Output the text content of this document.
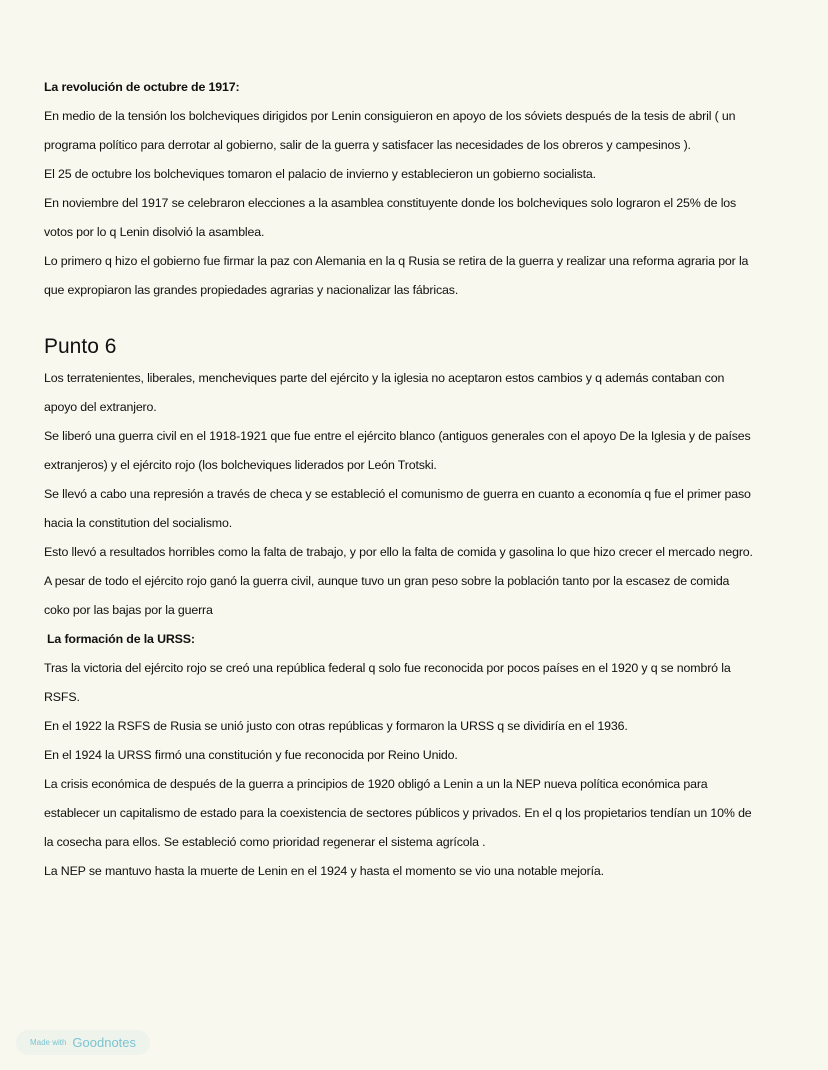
La revolución de octubre de 1917:
En medio de la tensión los bolcheviques dirigidos por Lenin consiguieron en apoyo de los sóviets después de la tesis de abril ( un
programa político para derrotar al gobierno, salir de la guerra y satisfacer las necesidades de los obreros y campesinos ).
El 25 de octubre los bolcheviques tomaron el palacio de invierno y establecieron un gobierno socialista.
En noviembre del 1917 se celebraron elecciones a la asamblea constituyente donde los bolcheviques solo lograron el 25% de los
votos por lo q Lenin disolvió la asamblea.
Lo primero q hizo el gobierno fue firmar la paz con Alemania en la q Rusia se retira de la guerra y realizar una reforma agraria por la
que expropiaron las grandes propiedades agrarias y nacionalizar las fábricas.
Punto 6
Los terratenientes, liberales, mencheviques parte del ejército y la iglesia no aceptaron estos cambios y q además contaban con
apoyo del extranjero.
Se liberó una guerra civil en el 1918-1921 que fue entre el ejército blanco (antiguos generales con el apoyo De la Iglesia y de países
extranjeros) y el ejército rojo (los bolcheviques liderados por León Trotski.
Se llevó a cabo una represión a través de checa y se estableció el comunismo de guerra en cuanto a economía q fue el primer paso
hacia la constitution del socialismo.
Esto llevó a resultados horribles como la falta de trabajo, y por ello la falta de comida y gasolina lo que hizo crecer el mercado negro.
A pesar de todo el ejército rojo ganó la guerra civil, aunque tuvo un gran peso sobre la población tanto por la escasez de comida
coko por las bajas por la guerra
La formación de la URSS:
Tras la victoria del ejército rojo se creó una república federal q solo fue reconocida por pocos países en el 1920 y q se nombró la
RSFS.
En el 1922 la RSFS de Rusia se unió justo con otras repúblicas y formaron la URSS q se dividiría en el 1936.
En el 1924 la URSS firmó una constitución y fue reconocida por Reino Unido.
La crisis económica de después de la guerra a principios de 1920 obligó a Lenin a un la NEP nueva política económica para
establecer un capitalismo de estado para la coexistencia de sectores públicos y privados. En el q los propietarios tendían un 10% de
la cosecha para ellos. Se estableció como prioridad regenerar el sistema agrícola .
La NEP se mantuvo hasta la muerte de Lenin en el 1924 y hasta el momento se vio una notable mejoría.
Made with Goodnotes
